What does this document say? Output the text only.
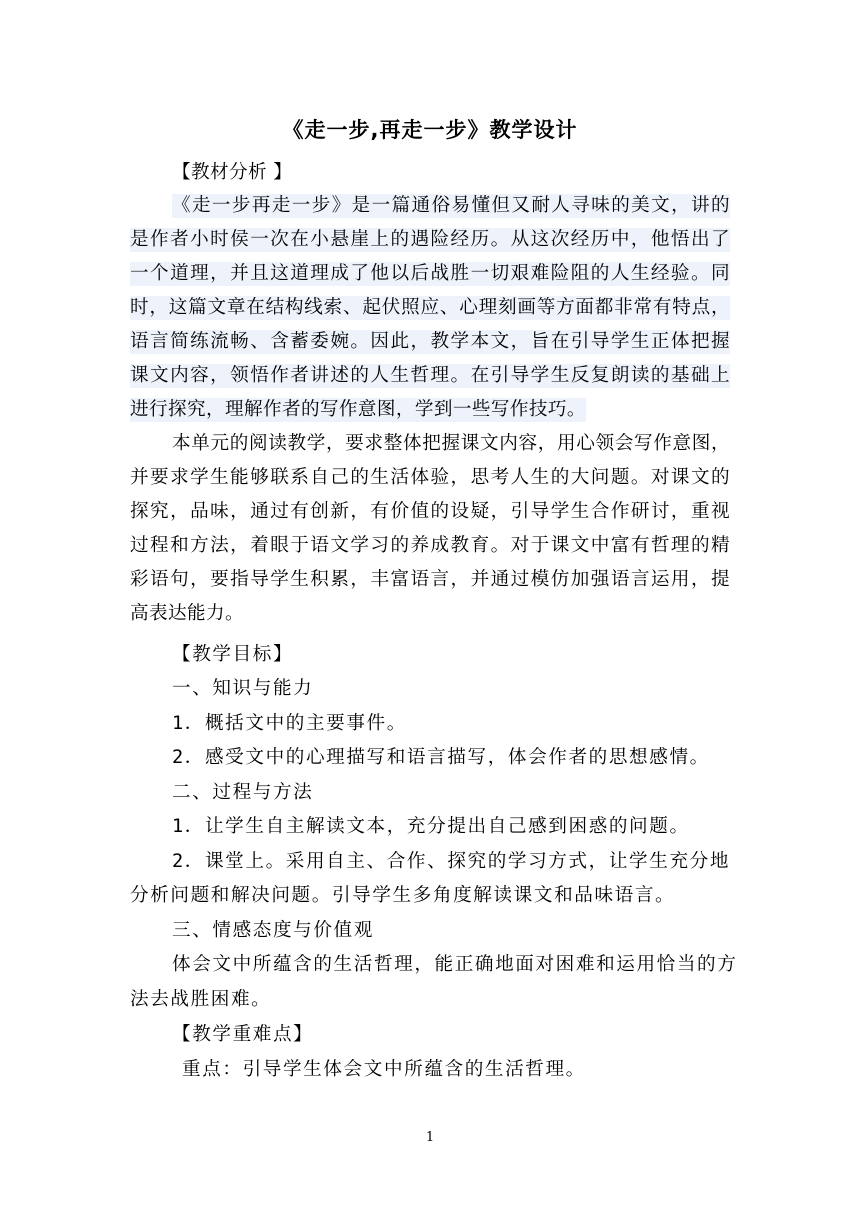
《走一步,再走一步》教学设计
【教材分析 】
《走一步再走一步》是一篇通俗易懂但又耐人寻味的美文，讲的
是作者小时侯一次在小悬崖上的遇险经历。从这次经历中，他悟出了
一个道理，并且这道理成了他以后战胜一切艰难险阻的人生经验。同
时，这篇文章在结构线索、起伏照应、心理刻画等方面都非常有特点，
语言简练流畅、含蓄委婉。因此，教学本文，旨在引导学生正体把握
课文内容，领悟作者讲述的人生哲理。在引导学生反复朗读的基础上
进行探究，理解作者的写作意图，学到一些写作技巧。
本单元的阅读教学，要求整体把握课文内容，用心领会写作意图，
并要求学生能够联系自己的生活体验，思考人生的大问题。对课文的
探究，品味，通过有创新，有价值的设疑，引导学生合作研讨，重视
过程和方法，着眼于语文学习的养成教育。对于课文中富有哲理的精
彩语句，要指导学生积累，丰富语言，并通过模仿加强语言运用，提
高表达能力。
【教学目标】
一、知识与能力
1．概括文中的主要事件。
2．感受文中的心理描写和语言描写，体会作者的思想感情。
二、过程与方法
1．让学生自主解读文本，充分提出自己感到困惑的问题。
2．课堂上。采用自主、合作、探究的学习方式，让学生充分地
分析问题和解决问题。引导学生多角度解读课文和品味语言。
三、情感态度与价值观
体会文中所蕴含的生活哲理，能正确地面对困难和运用恰当的方
法去战胜困难。
【教学重难点】
重点：引导学生体会文中所蕴含的生活哲理。
1
